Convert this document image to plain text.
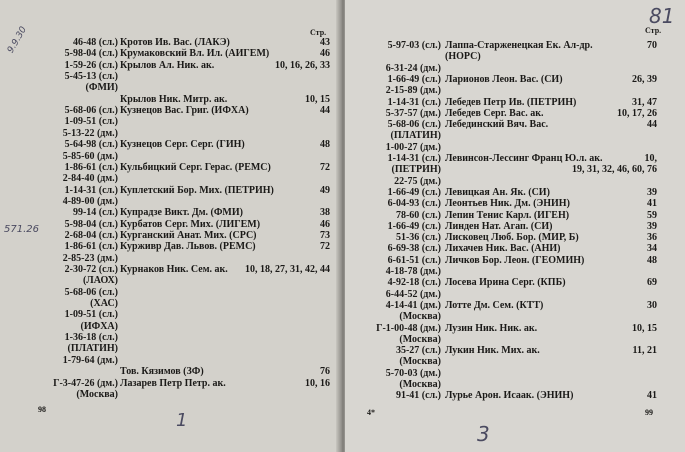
Стр.
46-48 (сл.) Кротов Ив. Вас. (ЛАКЭ)	43
5-98-04 (сл.) Крумаковский Вл. Ил. (АИГЕМ)	46
1-59-26 (сл.) Крылов Ал. Ник. ак.	10, 16, 26, 33
5-45-13 (сл.)
(ФМИ)
Крылов Ник. Митр. ак.	10, 15
5-68-06 (сл.) Кузнецов Вас. Григ. (ИФХА)	44
1-09-51 (сл.)
5-13-22 (дм.)
5-64-98 (сл.) Кузнецов Серг. Серг. (ГИН)	48
5-85-60 (дм.)
1-86-61 (сл.) Кульбицкий Серг. Герас. (РЕМС)	72
2-84-40 (дм.)
1-14-31 (сл.) Куплетский Бор. Мих. (ПЕТРИН)	49
4-89-00 (дм.)
99-14 (сл.) Купрадзе Викт. Дм. (ФМИ)	38
5-98-04 (сл.) Курбатов Серг. Мих. (ЛИГЕМ)	46
2-68-04 (сл.) Курганский Анат. Мих. (СРС)	73
1-86-61 (сл.) Курживр Дав. Львов. (РЕМС)	72
2-85-23 (дм.)
2-30-72 (сл.) Курнаков Ник. Сем. ак. 10, 18, 27, 31, 42, 44
(ЛАОХ)
5-68-06 (сл.)
(ХАС)
1-09-51 (сл.)
(ИФХА)
1-36-18 (сл.)
(ПЛАТИН)
1-79-64 (дм.)
Тов. Кязимов (ЗФ)	76
Г-3-47-26 (дм.) Лазарев Петр Петр. ак.	10, 16
(Москва)
98
9.9.30
571.26
1
Стр.
5-97-03 (сл.) Лаппа-Старженецкая Ек. Ал-др.	70
(НОРС)
6-31-24 (дм.)
1-66-49 (сл.) Ларионов Леон. Вас. (СИ)	26, 39
2-15-89 (дм.)
1-14-31 (сл.) Лебедев Петр Ив. (ПЕТРИН)	31, 47
5-37-57 (дм.) Лебедев Серг. Вас. ак.	10, 17, 26
5-68-06 (сл.) Лебединский Вяч. Вас.	44
(ПЛАТИН)
1-00-27 (дм.)
1-14-31 (сл.) Левинсон-Лессинг Франц Ю.л. ак.	10,
(ПЕТРИН)	19, 31, 32, 46, 60, 76
22-75 (дм.)
1-66-49 (сл.) Левицкая Ан. Як. (СИ)	39
6-04-93 (сл.) Леонтьев Ник. Дм. (ЭНИН)	41
78-60 (сл.) Лепин Тенис Карл. (ИГЕН)	59
1-66-49 (сл.) Линден Нат. Агап. (СИ)	39
51-36 (сл.) Лисковец Люб. Бор. (МИР, Б)	36
6-69-38 (сл.) Лихачев Ник. Вас. (АНИ)	34
6-61-51 (сл.) Личков Бор. Леон. (ГЕОМИН)	48
4-18-78 (дм.)
4-92-18 (сл.) Лосева Ирина Серг. (КПБ)	69
6-44-52 (дм.)
4-14-41 (дм.) Лотте Дм. Сем. (КТТ)	30
(Москва)
Г-1-00-48 (дм.) Лузин Ник. Ник. ак.	10, 15
(Москва)
35-27 (сл.) Лукин Ник. Мих. ак.	11, 21
(Москва)
5-70-03 (дм.)
(Москва)
91-41 (сл.) Лурье Арон. Исаак. (ЭНИН)	41
99
4*
81
3
